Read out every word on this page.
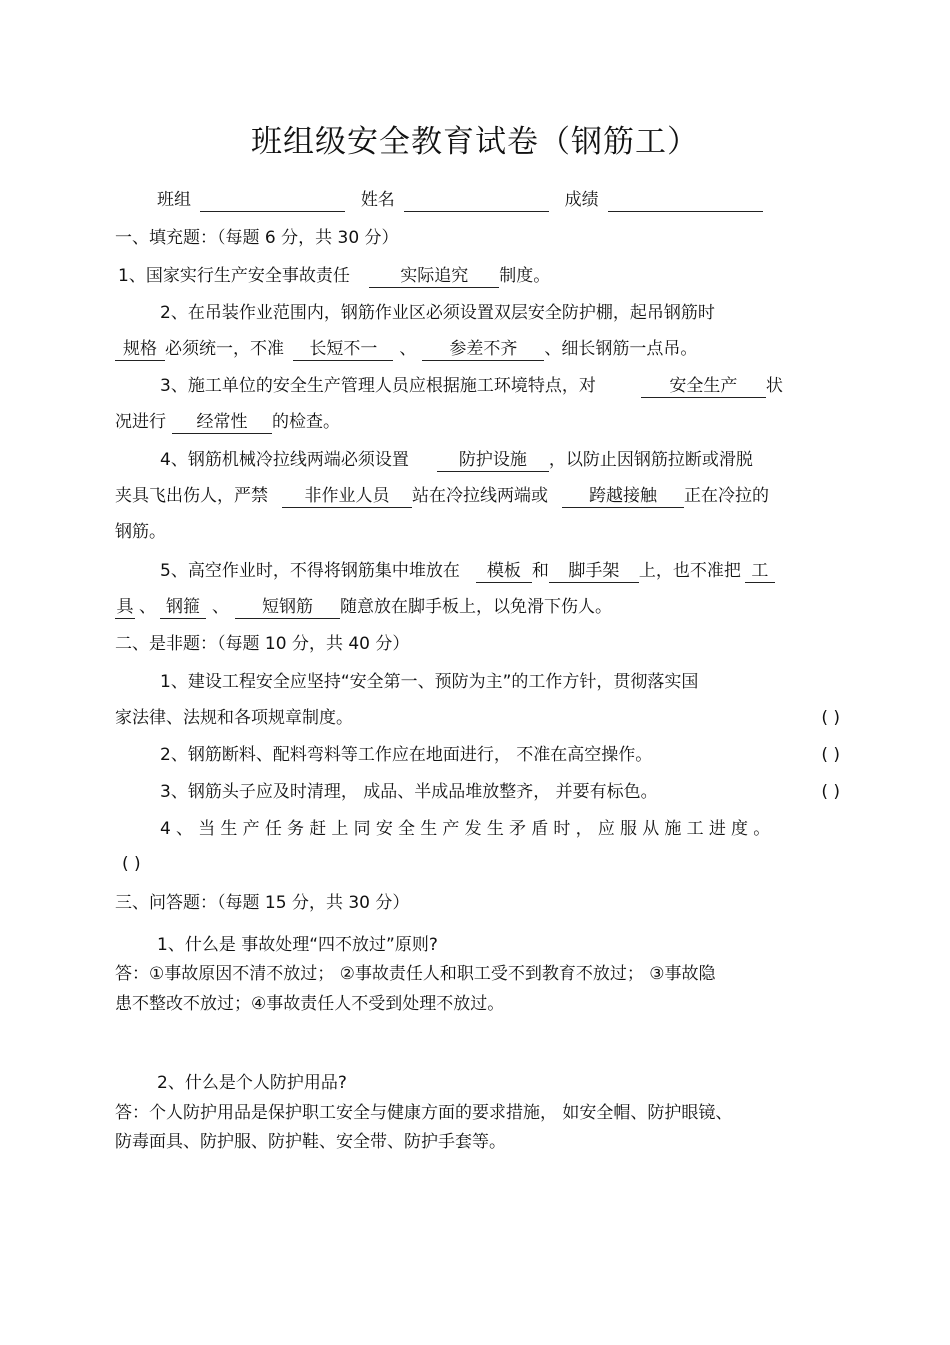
班组级安全教育试卷（钢筋工）
班组	姓名	成绩
一、填充题：（每题 6 分，共 30 分）
1、国家实行生产安全事故责任	实际追究 制度。
2、在吊装作业范围内，钢筋作业区必须设置双层安全防护棚，起吊钢筋时
规格 必须统一，不准 长短不一 、 参差不齐 、细长钢筋一点吊。
3、施工单位的安全生产管理人员应根据施工环境特点，对	安全生产 状
况进行 经常性 的检查。
4、钢筋机械冷拉线两端必须设置	防护设施 ，以防止因钢筋拉断或滑脱
夹具飞出伤人，严禁 非作业人员 站在冷拉线两端或 跨越接触 正在冷拉的
钢筋。
5、高空作业时，不得将钢筋集中堆放在 模板 和 脚手架 上，也不准把 工
具 、 钢箍 、 短钢筋 随意放在脚手板上，以免滑下伤人。
二、是非题：（每题 10 分，共 40 分）
1、建设工程安全应坚持“安全第一、预防为主”的工作方针，贯彻落实国
家法律、法规和各项规章制度。	( )
2、钢筋断料、配料弯料等工作应在地面进行， 不准在高空操作。	( )
3、钢筋头子应及时清理， 成品、半成品堆放整齐， 并要有标色。	( )
4、当生产任务赶上同安全生产发生矛盾时，应服从施工进度。
( )
三、问答题：（每题 15 分，共 30 分）
1、什么是 事故处理“四不放过”原则?
答：①事故原因不清不放过； ②事故责任人和职工受不到教育不放过； ③事故隐
患不整改不放过；④事故责任人不受到处理不放过。
2、什么是个人防护用品?
答：个人防护用品是保护职工安全与健康方面的要求措施， 如安全帽、防护眼镜、
防毒面具、防护服、防护鞋、安全带、防护手套等。
